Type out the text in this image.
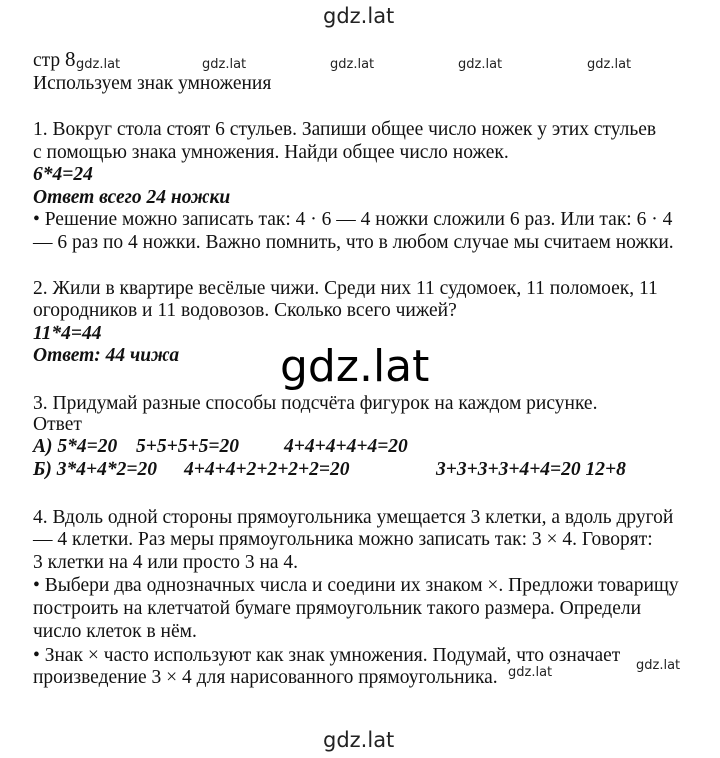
gdz.lat
gdz.lat	gdz.lat	gdz.lat	gdz.lat	gdz.lat
gdz.lat
gdz.lat
gdz.lat
gdz.lat
стр 8
Используем знак умножения
1. Вокруг стола стоят 6 стульев. Запиши общее число ножек у этих стульев
с помощью знака умножения. Найди общее число ножек.
6*4=24
Ответ всего 24 ножки
• Решение можно записать так: 4 · 6 — 4 ножки сложили 6 раз. Или так: 6 · 4
— 6 раз по 4 ножки. Важно помнить, что в любом случае мы считаем ножки.
2. Жили в квартире весёлые чижи. Среди них 11 судомоек, 11 поломоек, 11
огородников и 11 водовозов. Сколько всего чижей?
11*4=44
Ответ: 44 чижа
3. Придумай разные способы подсчёта фигурок на каждом рисунке.
Ответ
А) 5*4=20 5+5+5+5=20 4+4+4+4+4=20
Б) 3*4+4*2=20 4+4+4+2+2+2+2=20	3+3+3+3+4+4=20 12+8
4. Вдоль одной стороны прямоугольника умещается 3 клетки, а вдоль другой
— 4 клетки. Раз меры прямоугольника можно записать так: 3 × 4. Говорят:
3 клетки на 4 или просто 3 на 4.
• Выбери два однозначных числа и соедини их знаком ×. Предложи товарищу
построить на клетчатой бумаге прямоугольник такого размера. Определи
число клеток в нём.
• Знак × часто используют как знак умножения. Подумай, что означает
произведение 3 × 4 для нарисованного прямоугольника.
